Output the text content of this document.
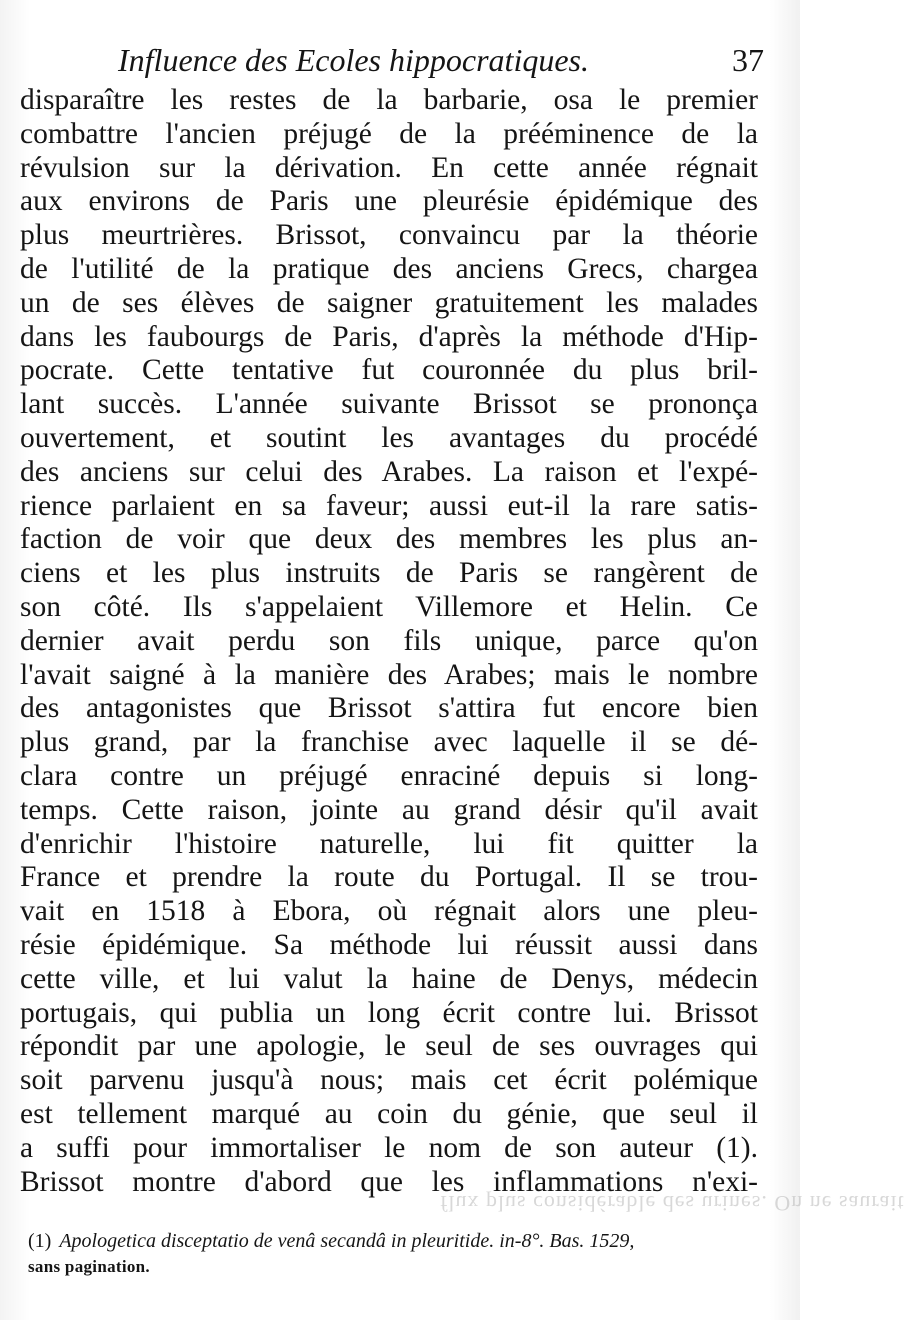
Influence des Ecoles hippocratiques.	37
disparaître les restes de la barbarie, osa le premier
combattre l'ancien préjugé de la prééminence de la
révulsion sur la dérivation. En cette année régnait
aux environs de Paris une pleurésie épidémique des
plus meurtrières. Brissot, convaincu par la théorie
de l'utilité de la pratique des anciens Grecs, chargea
un de ses élèves de saigner gratuitement les malades
dans les faubourgs de Paris, d'après la méthode d'Hip-
pocrate. Cette tentative fut couronnée du plus bril-
lant succès. L'année suivante Brissot se prononça
ouvertement, et soutint les avantages du procédé
des anciens sur celui des Arabes. La raison et l'expé-
rience parlaient en sa faveur; aussi eut-il la rare satis-
faction de voir que deux des membres les plus an-
ciens et les plus instruits de Paris se rangèrent de
son côté. Ils s'appelaient Villemore et Helin. Ce
dernier avait perdu son fils unique, parce qu'on
l'avait saigné à la manière des Arabes; mais le nombre
des antagonistes que Brissot s'attira fut encore bien
plus grand, par la franchise avec laquelle il se dé-
clara contre un préjugé enraciné depuis si long-
temps. Cette raison, jointe au grand désir qu'il avait
d'enrichir l'histoire naturelle, lui fit quitter la
France et prendre la route du Portugal. Il se trou-
vait en 1518 à Ebora, où régnait alors une pleu-
résie épidémique. Sa méthode lui réussit aussi dans
cette ville, et lui valut la haine de Denys, médecin
portugais, qui publia un long écrit contre lui. Brissot
répondit par une apologie, le seul de ses ouvrages qui
soit parvenu jusqu'à nous; mais cet écrit polémique
est tellement marqué au coin du génie, que seul il
a suffi pour immortaliser le nom de son auteur (1).
Brissot montre d'abord que les inflammations n'exi-
flux plus considérable des urines. On ne saurait
(1) Apologetica disceptatio de venâ secandâ in pleuritide. in-8°. Bas. 1529,
sans pagination.
